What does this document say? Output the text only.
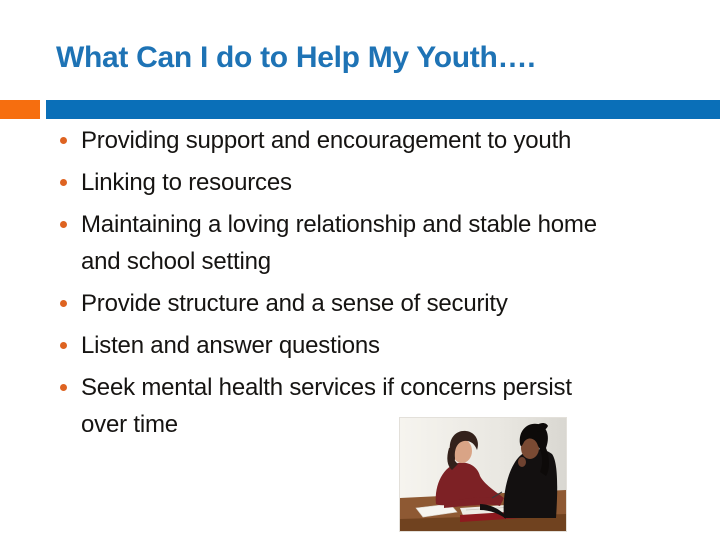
What Can I do to Help My Youth….
Providing support and encouragement to youth
Linking to resources
Maintaining a loving relationship and stable home
and school setting
Provide structure and a sense of security
Listen and answer questions
Seek mental health services if concerns persist
over time
